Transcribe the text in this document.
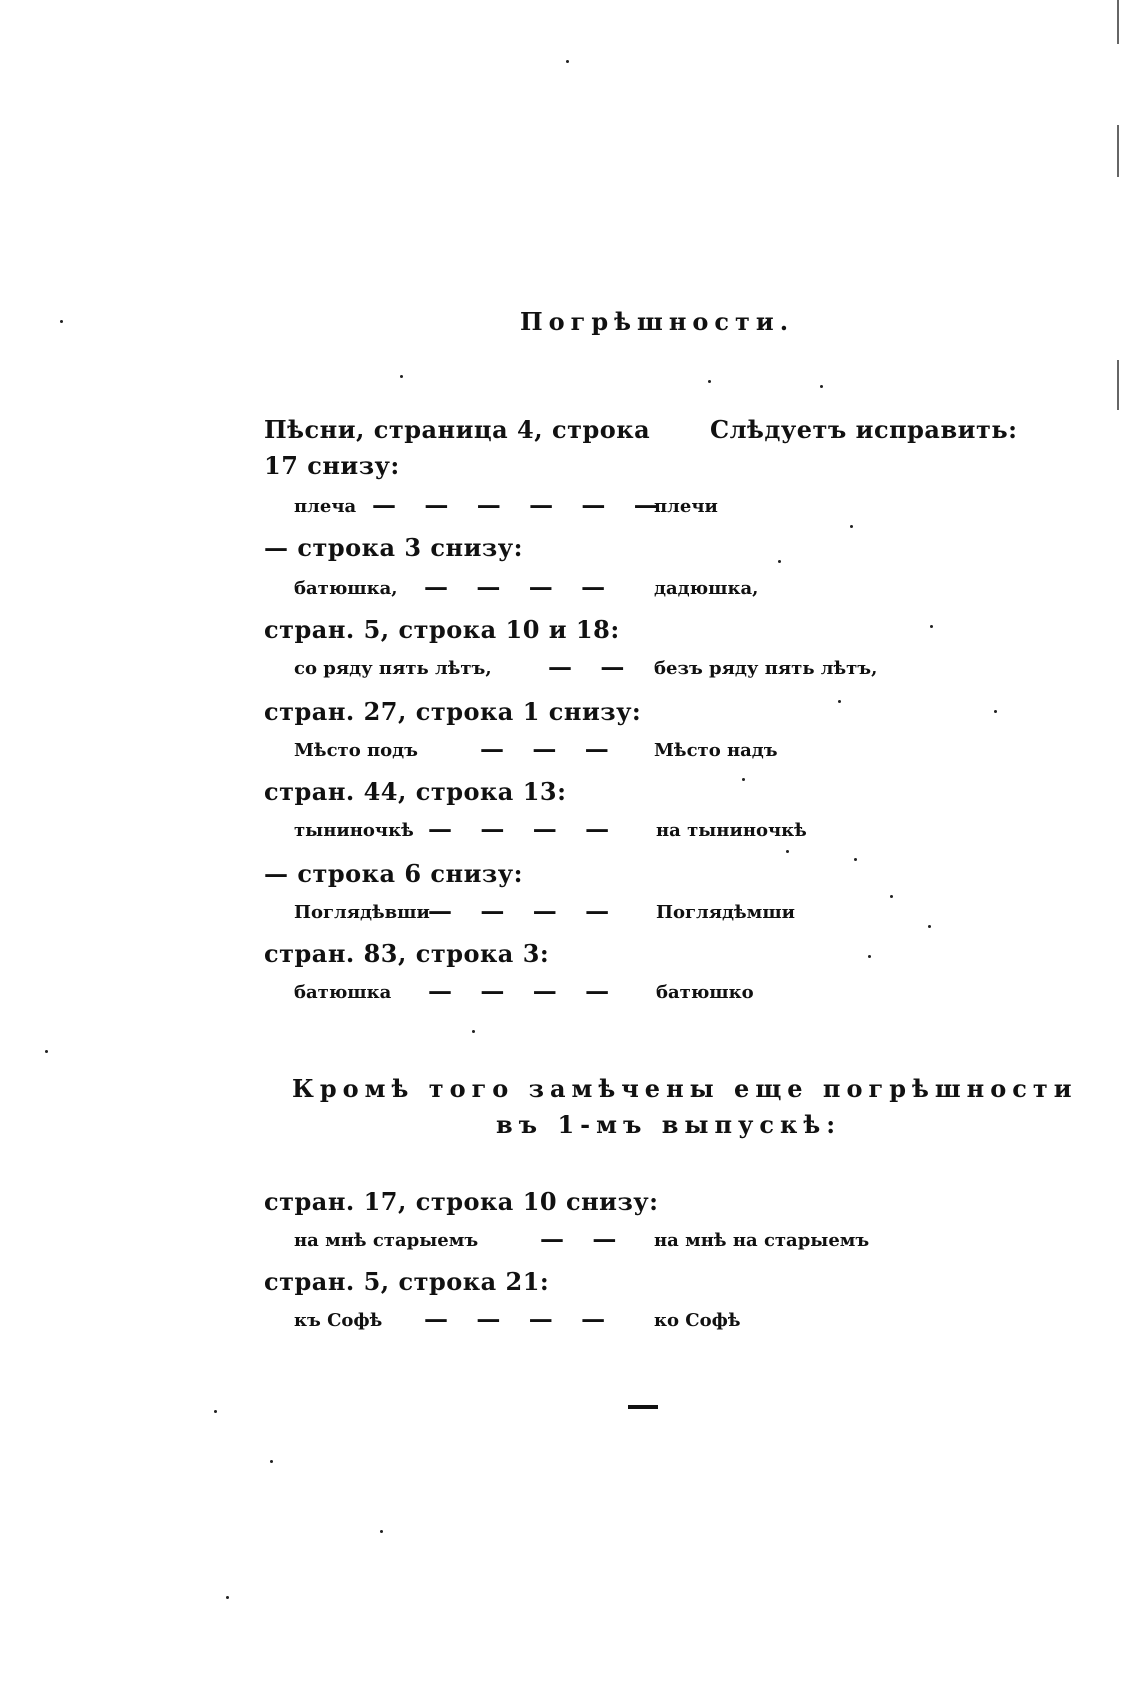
Погрѣшности.
Пѣсни, страница 4, строка Слѣдуетъ исправить:
17 снизу:
плеча — — — — — —
плечи
— строка 3 снизу:
батюшка, — — — — дадюшка,
стран. 5, строка 10 и 18:
со ряду пять лѣтъ, — — безъ ряду пять лѣтъ,
стран. 27, строка 1 снизу:
Мѣсто подъ	— — — Мѣсто надъ
стран. 44, строка 13:
тыниночкѣ — — — — на тыниночкѣ
— строка 6 снизу:
Поглядѣвши
— — — — Поглядѣмши
стран. 83, строка 3:
батюшка — — — — батюшко
Кромѣ того замѣчены еще погрѣшности
въ 1-мъ выпускѣ:
стран. 17, строка 10 снизу:
на мнѣ старыемъ	— — на мнѣ на старыемъ
стран. 5, строка 21:
къ Софѣ — — — — ко Софѣ
